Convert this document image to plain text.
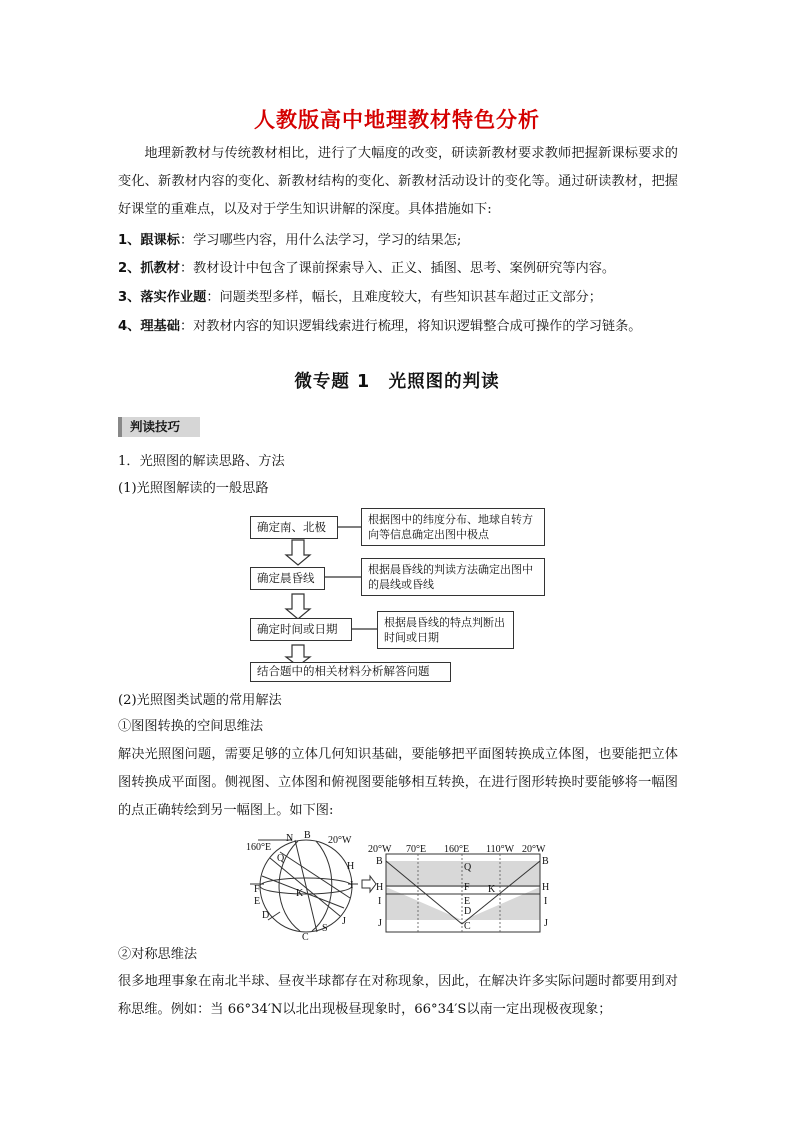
人教版高中地理教材特色分析
地理新教材与传统教材相比，进行了大幅度的改变，研读新教材要求教师把握新课标要求的变化、新教材内容的变化、新教材结构的变化、新教材活动设计的变化等。通过研读教材，把握好课堂的重难点，以及对于学生知识讲解的深度。具体措施如下:
1、跟课标：学习哪些内容，用什么法学习，学习的结果怎;
2、抓教材：教材设计中包含了课前探索导入、正义、插图、思考、案例研究等内容。
3、落实作业题：问题类型多样，幅长，且难度较大，有些知识甚车超过正文部分；
4、理基础：对教材内容的知识逻辑线索进行梳理，将知识逻辑整合成可操作的学习链条。
微专题 1　光照图的判读
判读技巧
1．光照图的解读思路、方法
(1)光照图解读的一般思路
确定南、北极
确定晨昏线
确定时间或日期
结合题中的相关材料分析解答问题
根据图中的纬度分布、地球自转方向等信息确定出图中极点
根据晨昏线的判读方法确定出图中的晨线或昏线
根据晨昏线的特点判断出时间或日期
(2)光照图类试题的常用解法
①图图转换的空间思维法
解决光照图问题，需要足够的立体几何知识基础，要能够把平面图转换成立体图，也要能把立体图转换成平面图。侧视图、立体图和俯视图要能够相互转换，在进行图形转换时要能够将一幅图的点正确转绘到另一幅图上。如下图:
160°E
N B 20°W
Q
H
F	K
I
E
J
D
C
S
20°W 70°E 160°E 110°W 20°W
B
H
I
J
B
H
I
J
Q
F K
E
D
C
②对称思维法
很多地理事象在南北半球、昼夜半球都存在对称现象，因此，在解决许多实际问题时都要用到对称思维。例如：当 66°34′N以北出现极昼现象时，66°34′S以南一定出现极夜现象；
